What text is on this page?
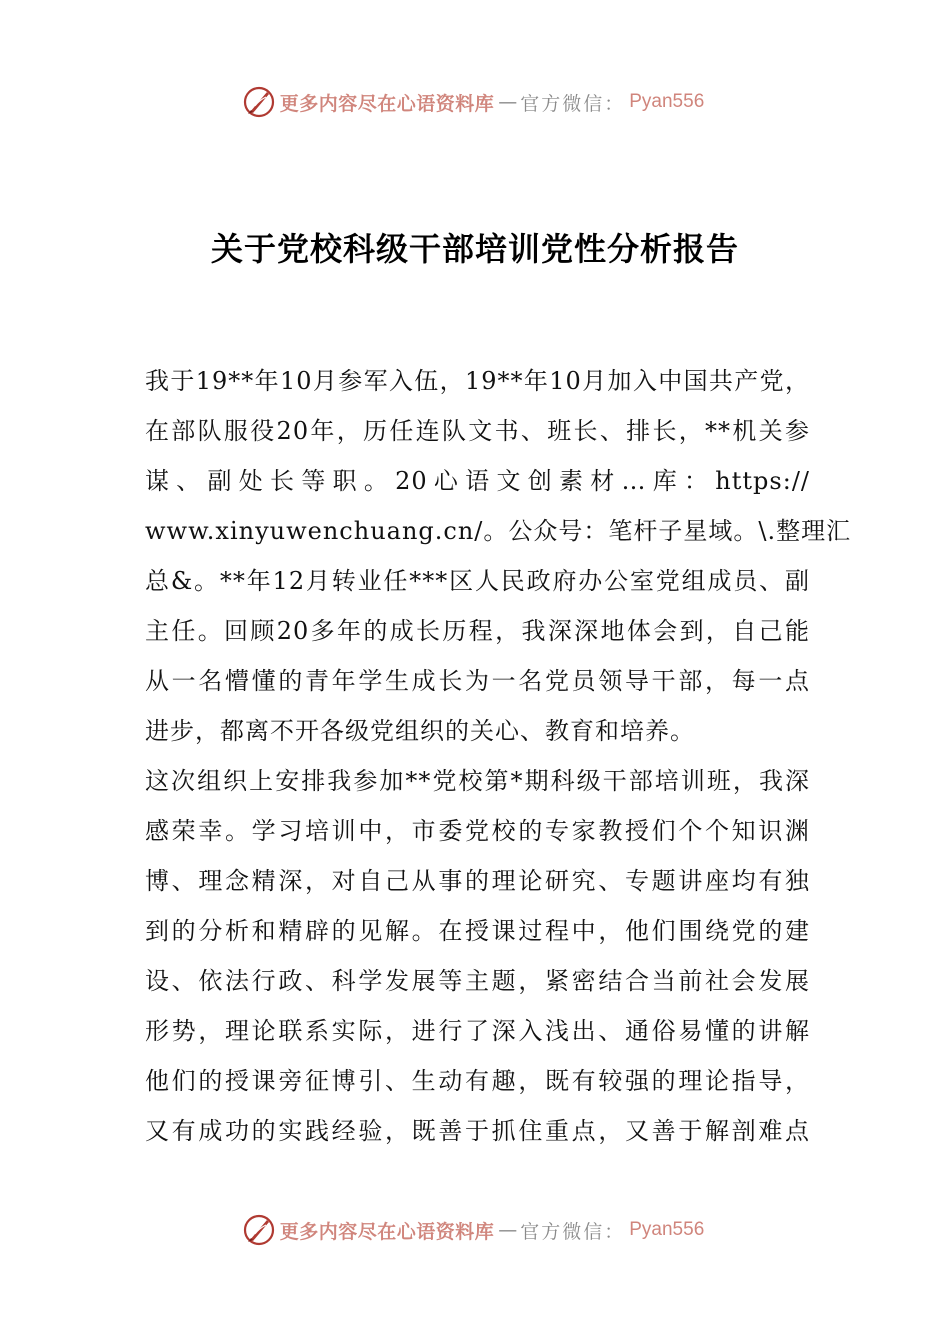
更多内容尽在心语资料库 — 官方微信： Pyan556
关于党校科级干部培训党性分析报告

我于19**年10月参军入伍，19**年10月加入中国共产党，

在部队服役20年，历任连队文书、班长、排长，**机关参

谋、副处长等职。20心语文创素材…库：https://

www.xinyuwenchuang.cn/。公众号：笔杆子星域。\.整理汇

总&。**年12月转业任***区人民政府办公室党组成员、副

主任。回顾20多年的成长历程，我深深地体会到，自己能

从一名懵懂的青年学生成长为一名党员领导干部，每一点

进步，都离不开各级党组织的关心、教育和培养。

这次组织上安排我参加**党校第*期科级干部培训班，我深

感荣幸。学习培训中，市委党校的专家教授们个个知识渊

博、理念精深，对自己从事的理论研究、专题讲座均有独

到的分析和精辟的见解。在授课过程中，他们围绕党的建

设、依法行政、科学发展等主题，紧密结合当前社会发展

形势，理论联系实际，进行了深入浅出、通俗易懂的讲解

他们的授课旁征博引、生动有趣，既有较强的理论指导，

又有成功的实践经验，既善于抓住重点，又善于解剖难点

更多内容尽在心语资料库 — 官方微信： Pyan556
